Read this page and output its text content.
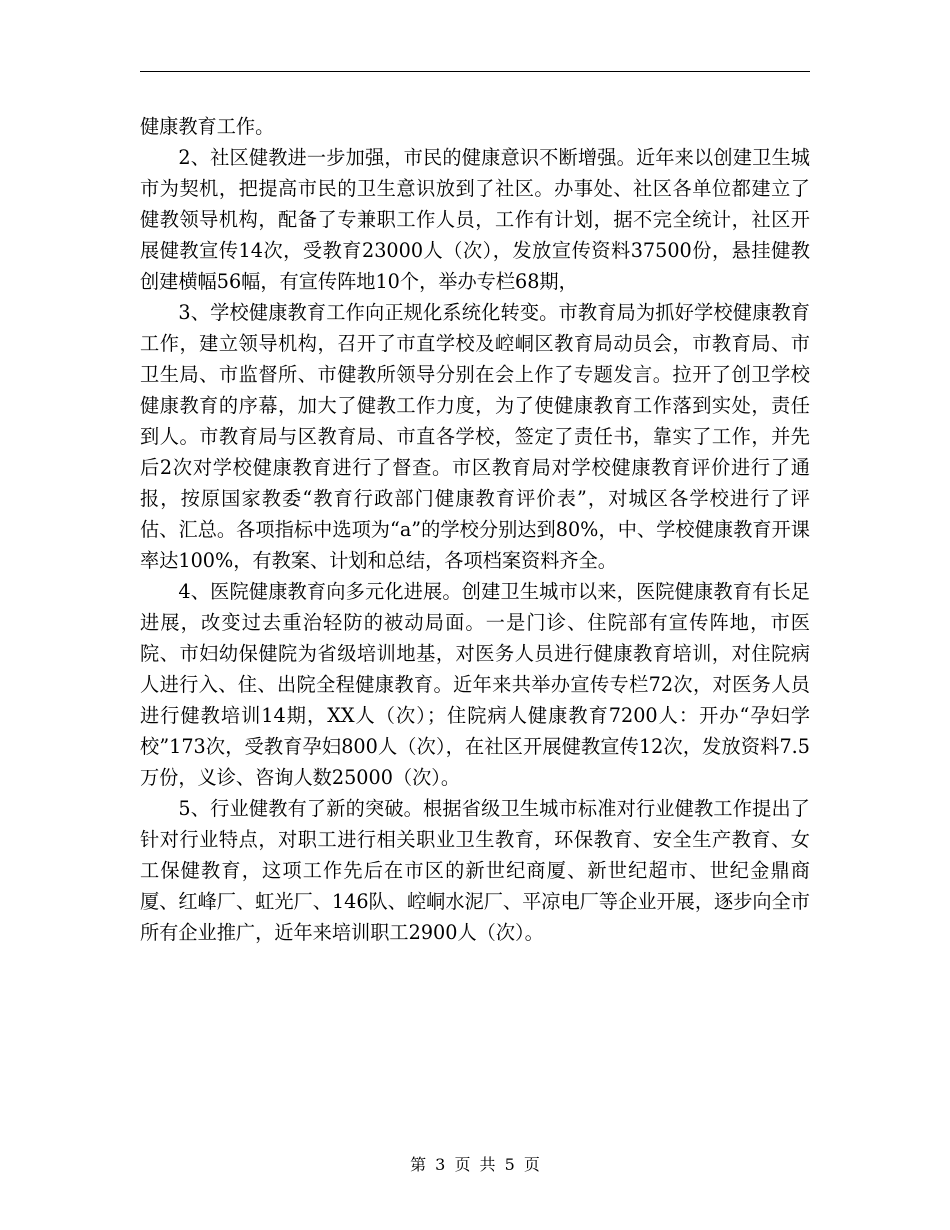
健康教育工作。

2、社区健教进一步加强，市民的健康意识不断增强。近年来以创建卫生城市为契机，把提高市民的卫生意识放到了社区。办事处、社区各单位都建立了健教领导机构，配备了专兼职工作人员，工作有计划，据不完全统计，社区开展健教宣传14次，受教育23000人（次），发放宣传资料37500份，悬挂健教创建横幅56幅，有宣传阵地10个，举办专栏68期，

3、学校健康教育工作向正规化系统化转变。市教育局为抓好学校健康教育工作，建立领导机构，召开了市直学校及崆峒区教育局动员会，市教育局、市卫生局、市监督所、市健教所领导分别在会上作了专题发言。拉开了创卫学校健康教育的序幕，加大了健教工作力度，为了使健康教育工作落到实处，责任到人。市教育局与区教育局、市直各学校，签定了责任书，靠实了工作，并先后2次对学校健康教育进行了督查。市区教育局对学校健康教育评价进行了通报，按原国家教委“教育行政部门健康教育评价表”，对城区各学校进行了评估、汇总。各项指标中选项为“a”的学校分别达到80%，中、学校健康教育开课率达100%，有教案、计划和总结，各项档案资料齐全。

4、医院健康教育向多元化进展。创建卫生城市以来，医院健康教育有长足进展，改变过去重治轻防的被动局面。一是门诊、住院部有宣传阵地，市医院、市妇幼保健院为省级培训地基，对医务人员进行健康教育培训，对住院病人进行入、住、出院全程健康教育。近年来共举办宣传专栏72次，对医务人员进行健教培训14期，XX人（次）；住院病人健康教育7200人：开办“孕妇学校”173次，受教育孕妇800人（次），在社区开展健教宣传12次，发放资料7.5万份，义诊、咨询人数25000（次）。

5、行业健教有了新的突破。根据省级卫生城市标准对行业健教工作提出了针对行业特点，对职工进行相关职业卫生教育，环保教育、安全生产教育、女工保健教育，这项工作先后在市区的新世纪商厦、新世纪超市、世纪金鼎商厦、红峰厂、虹光厂、146队、崆峒水泥厂、平凉电厂等企业开展，逐步向全市所有企业推广，近年来培训职工2900人（次）。

第 3 页 共 5 页
